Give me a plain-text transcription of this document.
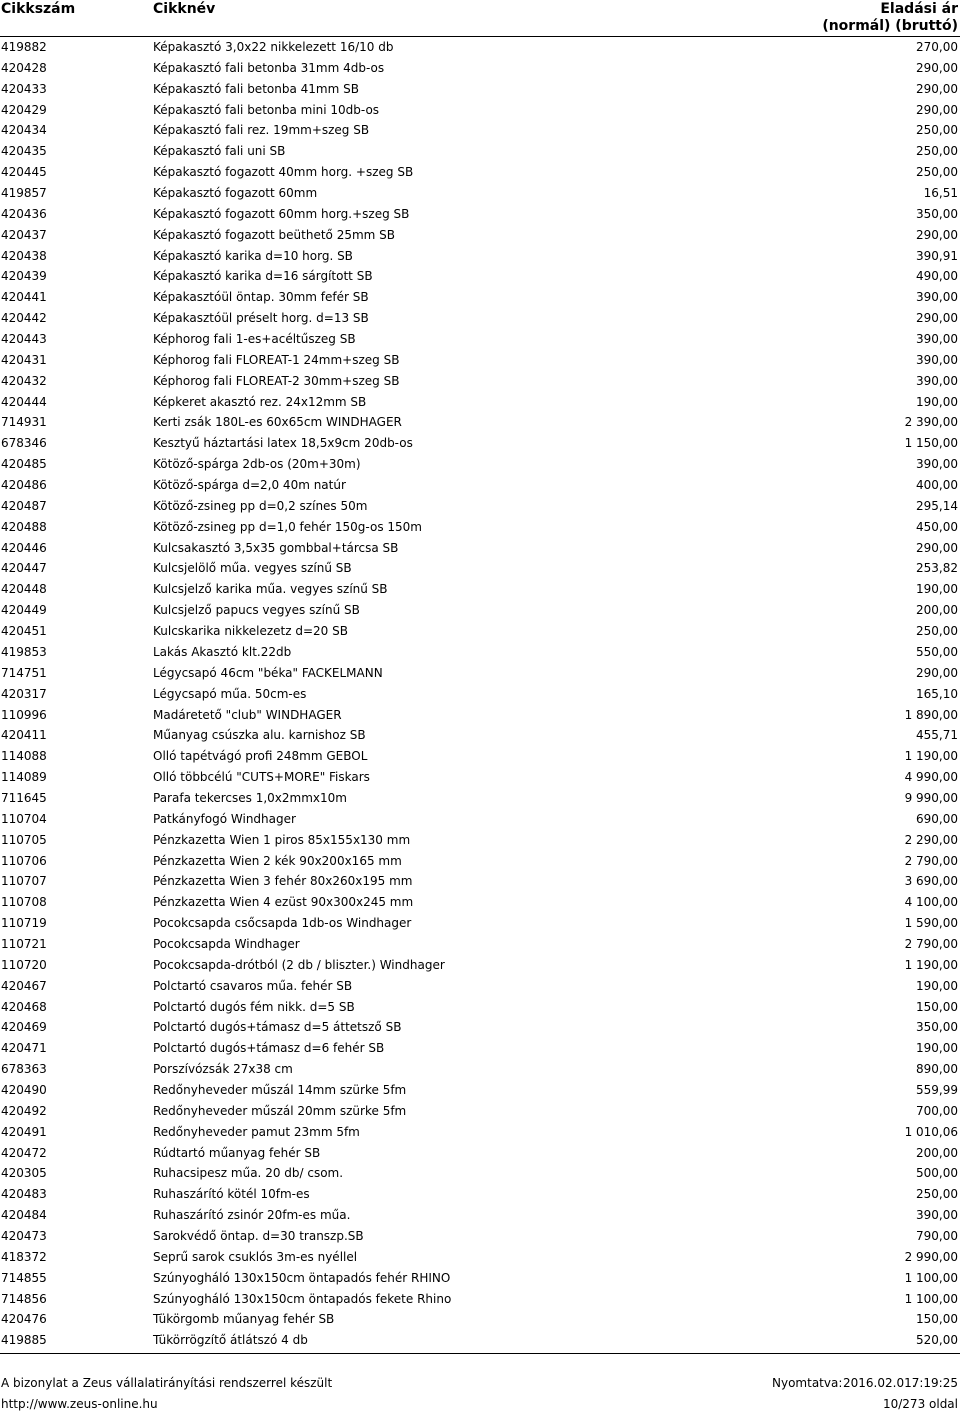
Cikkszám	Cikknév	Eladási ár
(normál) (bruttó)
419882	Képakasztó 3,0x22 nikkelezett 16/10 db	270,00
420428	Képakasztó fali betonba 31mm 4db-os	290,00
420433	Képakasztó fali betonba 41mm SB	290,00
420429	Képakasztó fali betonba mini 10db-os	290,00
420434	Képakasztó fali rez. 19mm+szeg SB	250,00
420435	Képakasztó fali uni SB	250,00
420445	Képakasztó fogazott 40mm horg. +szeg SB	250,00
419857	Képakasztó fogazott 60mm	16,51
420436	Képakasztó fogazott 60mm horg.+szeg SB	350,00
420437	Képakasztó fogazott beüthető 25mm SB	290,00
420438	Képakasztó karika d=10 horg. SB	390,91
420439	Képakasztó karika d=16 sárgított SB	490,00
420441	Képakasztóül öntap. 30mm fefér SB	390,00
420442	Képakasztóül préselt horg. d=13 SB	290,00
420443	Képhorog fali 1-es+acéltűszeg SB	390,00
420431	Képhorog fali FLOREAT-1 24mm+szeg SB	390,00
420432	Képhorog fali FLOREAT-2 30mm+szeg SB	390,00
420444	Képkeret akasztó rez. 24x12mm SB	190,00
714931	Kerti zsák 180L-es 60x65cm WINDHAGER	2 390,00
678346	Kesztyű háztartási latex 18,5x9cm 20db-os	1 150,00
420485	Kötöző-spárga 2db-os (20m+30m)	390,00
420486	Kötöző-spárga d=2,0 40m natúr	400,00
420487	Kötöző-zsineg pp d=0,2 színes 50m	295,14
420488	Kötöző-zsineg pp d=1,0 fehér 150g-os 150m	450,00
420446	Kulcsakasztó 3,5x35 gombbal+tárcsa SB	290,00
420447	Kulcsjelölő műa. vegyes színű SB	253,82
420448	Kulcsjelző karika műa. vegyes színű SB	190,00
420449	Kulcsjelző papucs vegyes színű SB	200,00
420451	Kulcskarika nikkelezetz d=20 SB	250,00
419853	Lakás Akasztó klt.22db	550,00
714751	Légycsapó 46cm "béka" FACKELMANN	290,00
420317	Légycsapó műa. 50cm-es	165,10
110996	Madáretető "club" WINDHAGER	1 890,00
420411	Műanyag csúszka alu. karnishoz SB	455,71
114088	Olló tapétvágó profi 248mm GEBOL	1 190,00
114089	Olló többcélú "CUTS+MORE" Fiskars	4 990,00
711645	Parafa tekercses 1,0x2mmx10m	9 990,00
110704	Patkányfogó Windhager	690,00
110705	Pénzkazetta Wien 1 piros 85x155x130 mm	2 290,00
110706	Pénzkazetta Wien 2 kék 90x200x165 mm	2 790,00
110707	Pénzkazetta Wien 3 fehér 80x260x195 mm	3 690,00
110708	Pénzkazetta Wien 4 ezüst 90x300x245 mm	4 100,00
110719	Pocokcsapda csőcsapda 1db-os Windhager	1 590,00
110721	Pocokcsapda Windhager	2 790,00
110720	Pocokcsapda-drótból (2 db / bliszter.) Windhager	1 190,00
420467	Polctartó csavaros műa. fehér SB	190,00
420468	Polctartó dugós fém nikk. d=5 SB	150,00
420469	Polctartó dugós+támasz d=5 áttetsző SB	350,00
420471	Polctartó dugós+támasz d=6 fehér SB	190,00
678363	Porszívózsák 27x38 cm	890,00
420490	Redőnyheveder műszál 14mm szürke 5fm	559,99
420492	Redőnyheveder műszál 20mm szürke 5fm	700,00
420491	Redőnyheveder pamut 23mm 5fm	1 010,06
420472	Rúdtartó műanyag fehér SB	200,00
420305	Ruhacsipesz műa. 20 db/ csom.	500,00
420483	Ruhaszárító kötél 10fm-es	250,00
420484	Ruhaszárító zsinór 20fm-es műa.	390,00
420473	Sarokvédő öntap. d=30 transzp.SB	790,00
418372	Seprű sarok csuklós 3m-es nyéllel	2 990,00
714855	Szúnyogháló 130x150cm öntapadós fehér RHINO	1 100,00
714856	Szúnyogháló 130x150cm öntapadós fekete Rhino	1 100,00
420476	Tükörgomb műanyag fehér SB	150,00
419885	Tükörrögzítő átlátszó 4 db	520,00
A bizonylat a Zeus vállalatirányítási rendszerrel készült
http://www.zeus-online.hu
Nyomtatva: 2016.02.01.
7:19:25
10/273 oldal
